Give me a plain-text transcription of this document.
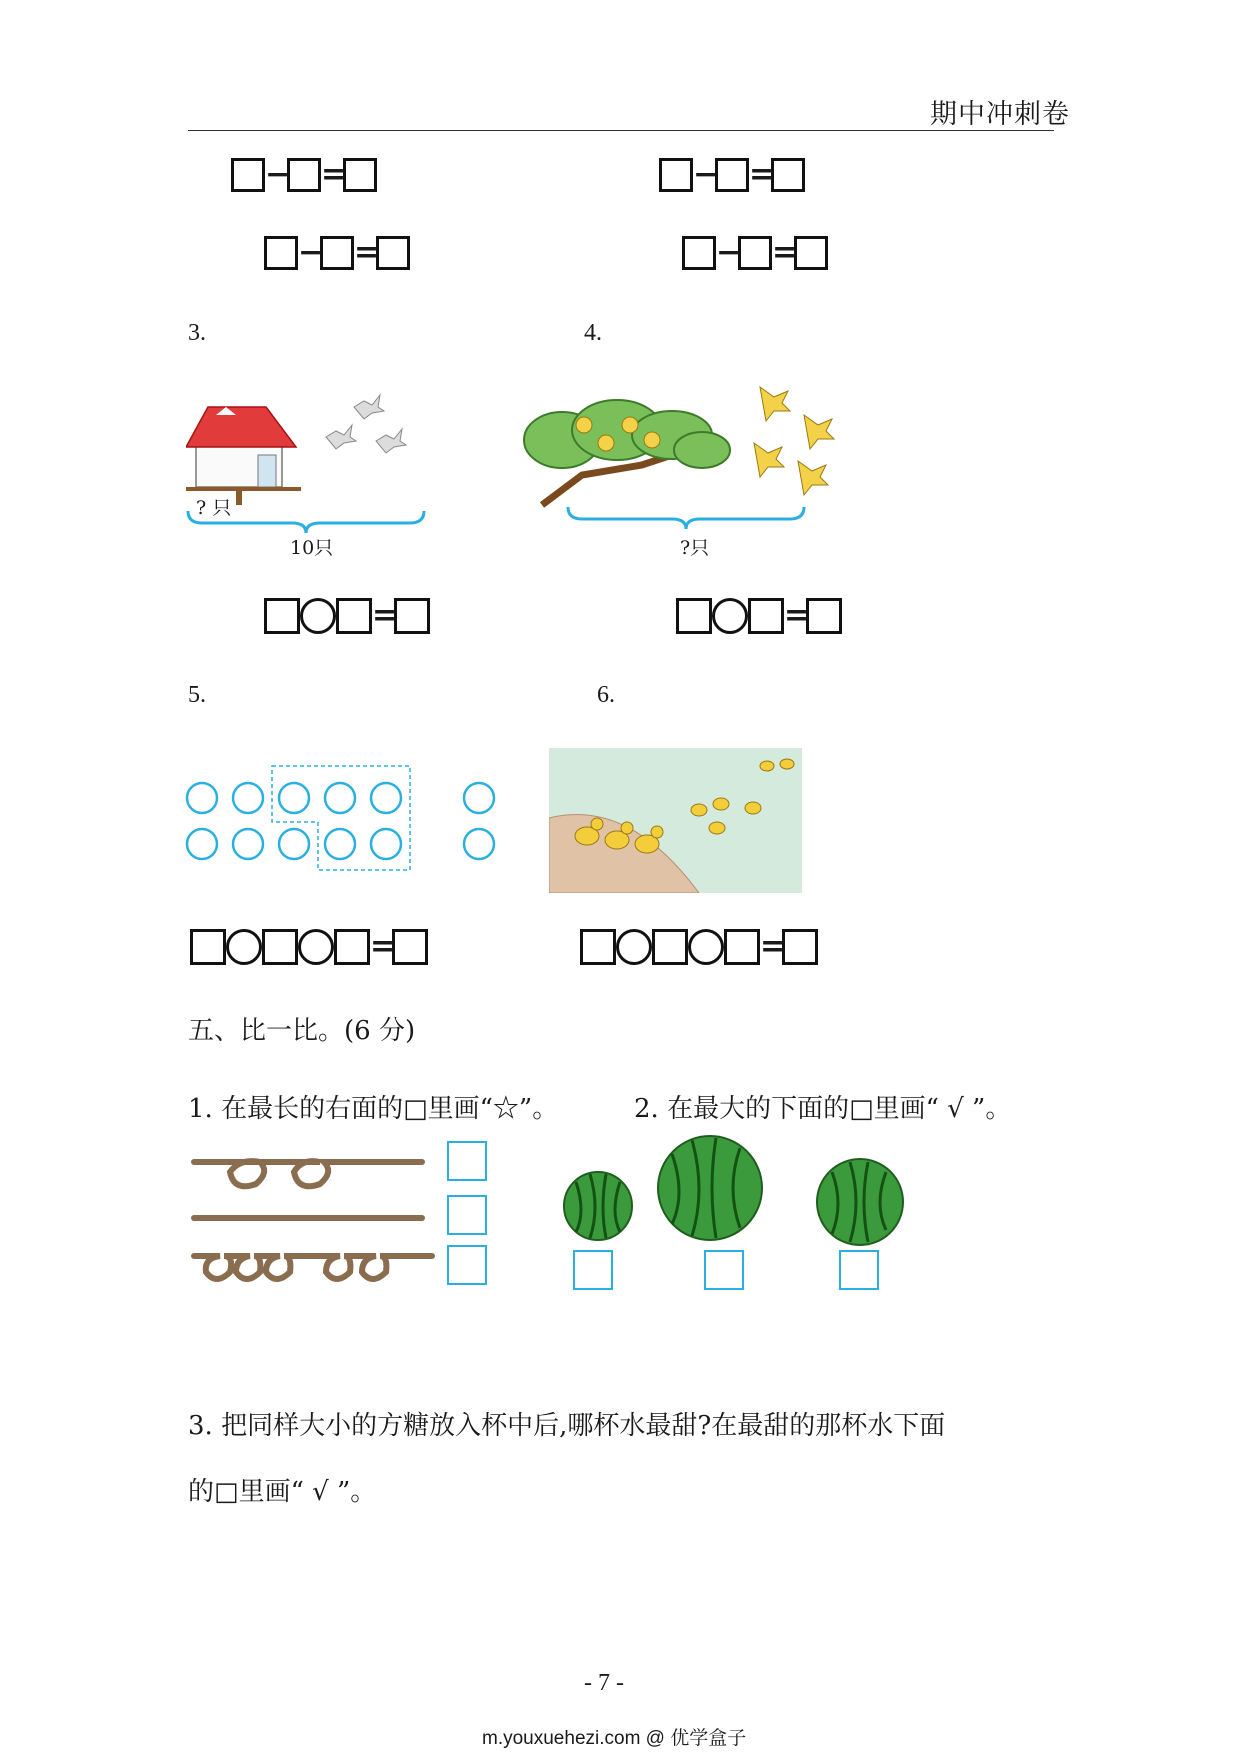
期中冲刺卷
− =	− =
− =	− =
3.	4.
? 只
10只	?只
=	=
5.	6.
=	=
五、比一比。(6 分)
1. 在最长的右面的□里画“☆”。	2. 在最大的下面的□里画“ √ ”。
3. 把同样大小的方糖放入杯中后,哪杯水最甜?在最甜的那杯水下面
的□里画“ √ ”。
- 7 -
m.youxuehezi.com @ 优学盒子
